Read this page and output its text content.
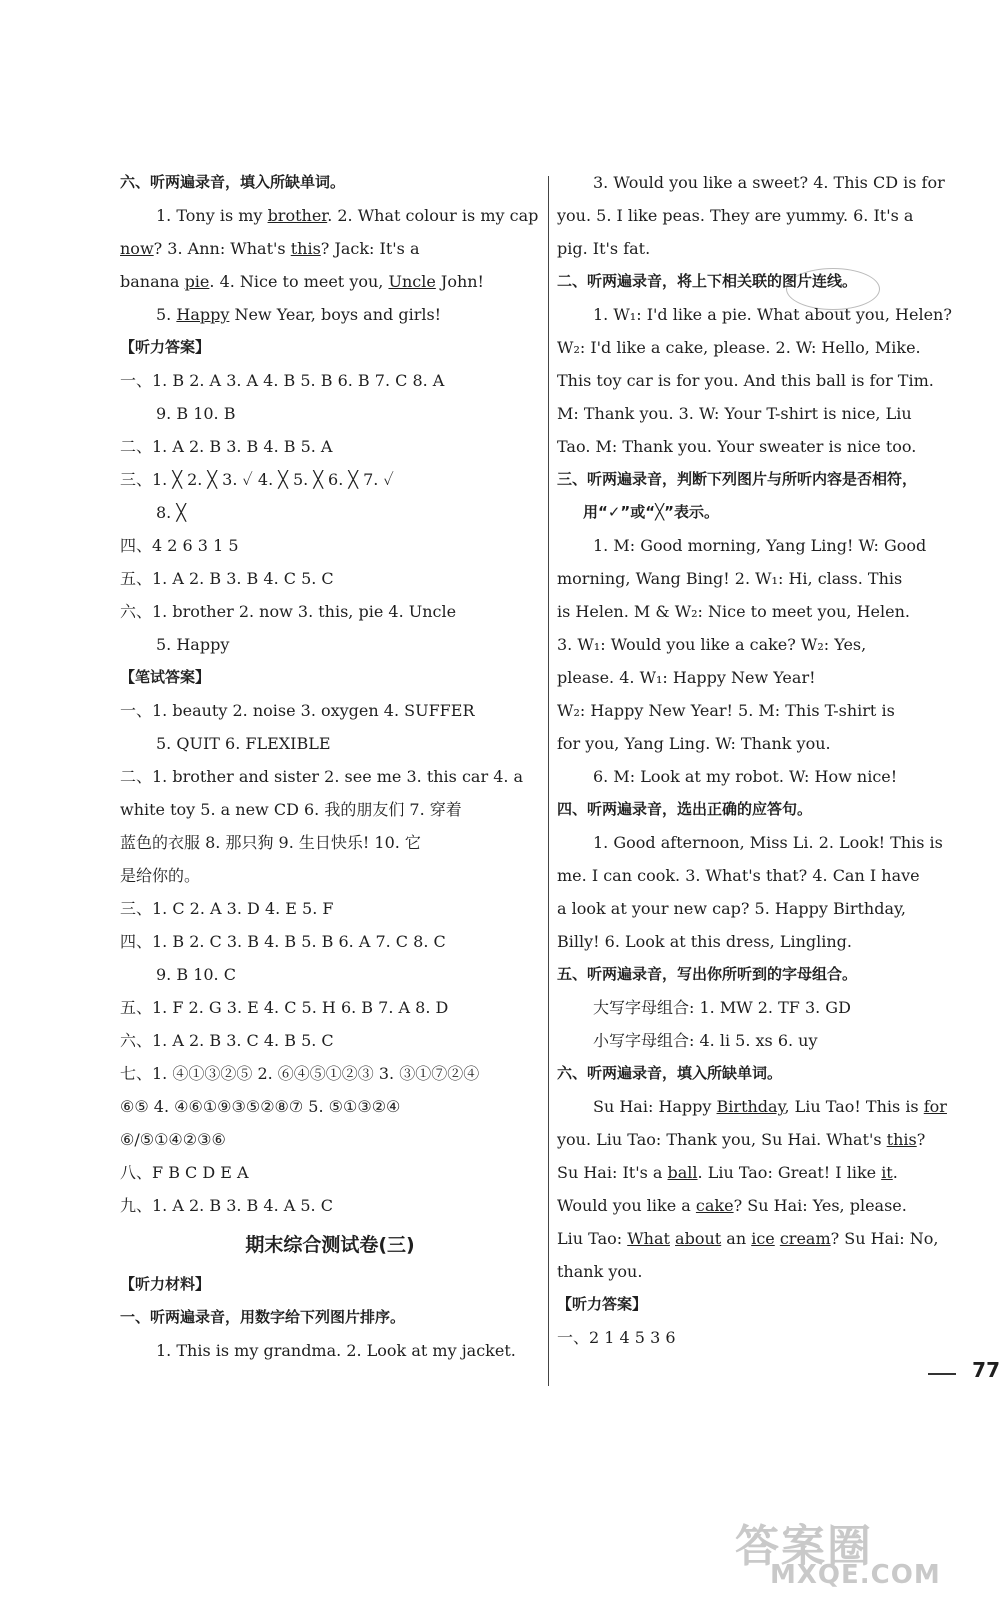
六、听两遍录音，填入所缺单词。
1. Tony is my brother. 2. What colour is my cap
now? 3. Ann: What's this? Jack: It's a
banana pie. 4. Nice to meet you, Uncle John!
5. Happy New Year, boys and girls!
【听力答案】
一、1. B 2. A 3. A 4. B 5. B 6. B 7. C 8. A
9. B 10. B
二、1. A 2. B 3. B 4. B 5. A
三、1. ╳ 2. ╳ 3. ✓ 4. ╳ 5. ╳ 6. ╳ 7. ✓
8. ╳
四、4 2 6 3 1 5
五、1. A 2. B 3. B 4. C 5. C
六、1. brother 2. now 3. this, pie 4. Uncle
5. Happy
【笔试答案】
一、1. beauty 2. noise 3. oxygen 4. SUFFER
5. QUIT 6. FLEXIBLE
二、1. brother and sister 2. see me 3. this car 4. a
white toy 5. a new CD 6. 我的朋友们 7. 穿着
蓝色的衣服 8. 那只狗 9. 生日快乐! 10. 它
是给你的。
三、1. C 2. A 3. D 4. E 5. F
四、1. B 2. C 3. B 4. B 5. B 6. A 7. C 8. C
9. B 10. C
五、1. F 2. G 3. E 4. C 5. H 6. B 7. A 8. D
六、1. A 2. B 3. C 4. B 5. C
七、1. ④①③②⑤ 2. ⑥④⑤①②③ 3. ③①⑦②④
⑥⑤ 4. ④⑥①⑨③⑤②⑧⑦ 5. ⑤①③②④
⑥/⑤①④②③⑥
八、F B C D E A
九、1. A 2. B 3. B 4. A 5. C
期末综合测试卷(三)
【听力材料】
一、听两遍录音，用数字给下列图片排序。
1. This is my grandma. 2. Look at my jacket.
3. Would you like a sweet? 4. This CD is for
you. 5. I like peas. They are yummy. 6. It's a
pig. It's fat.
二、听两遍录音，将上下相关联的图片连线。
1. W₁: I'd like a pie. What about you, Helen?
W₂: I'd like a cake, please. 2. W: Hello, Mike.
This toy car is for you. And this ball is for Tim.
M: Thank you. 3. W: Your T-shirt is nice, Liu
Tao. M: Thank you. Your sweater is nice too.
三、听两遍录音，判断下列图片与所听内容是否相符，
用“✓”或“╳”表示。
1. M: Good morning, Yang Ling! W: Good
morning, Wang Bing! 2. W₁: Hi, class. This
is Helen. M & W₂: Nice to meet you, Helen.
3. W₁: Would you like a cake? W₂: Yes,
please. 4. W₁: Happy New Year!
W₂: Happy New Year! 5. M: This T-shirt is
for you, Yang Ling. W: Thank you.
6. M: Look at my robot. W: How nice!
四、听两遍录音，选出正确的应答句。
1. Good afternoon, Miss Li. 2. Look! This is
me. I can cook. 3. What's that? 4. Can I have
a look at your new cap? 5. Happy Birthday,
Billy! 6. Look at this dress, Lingling.
五、听两遍录音，写出你所听到的字母组合。
大写字母组合: 1. MW 2. TF 3. GD
小写字母组合: 4. li 5. xs 6. uy
六、听两遍录音，填入所缺单词。
Su Hai: Happy Birthday, Liu Tao! This is for
you. Liu Tao: Thank you, Su Hai. What's this?
Su Hai: It's a ball. Liu Tao: Great! I like it.
Would you like a cake? Su Hai: Yes, please.
Liu Tao: What about an ice cream? Su Hai: No,
thank you.
【听力答案】
一、2 1 4 5 3 6
77
答案圈
MXQE.COM
